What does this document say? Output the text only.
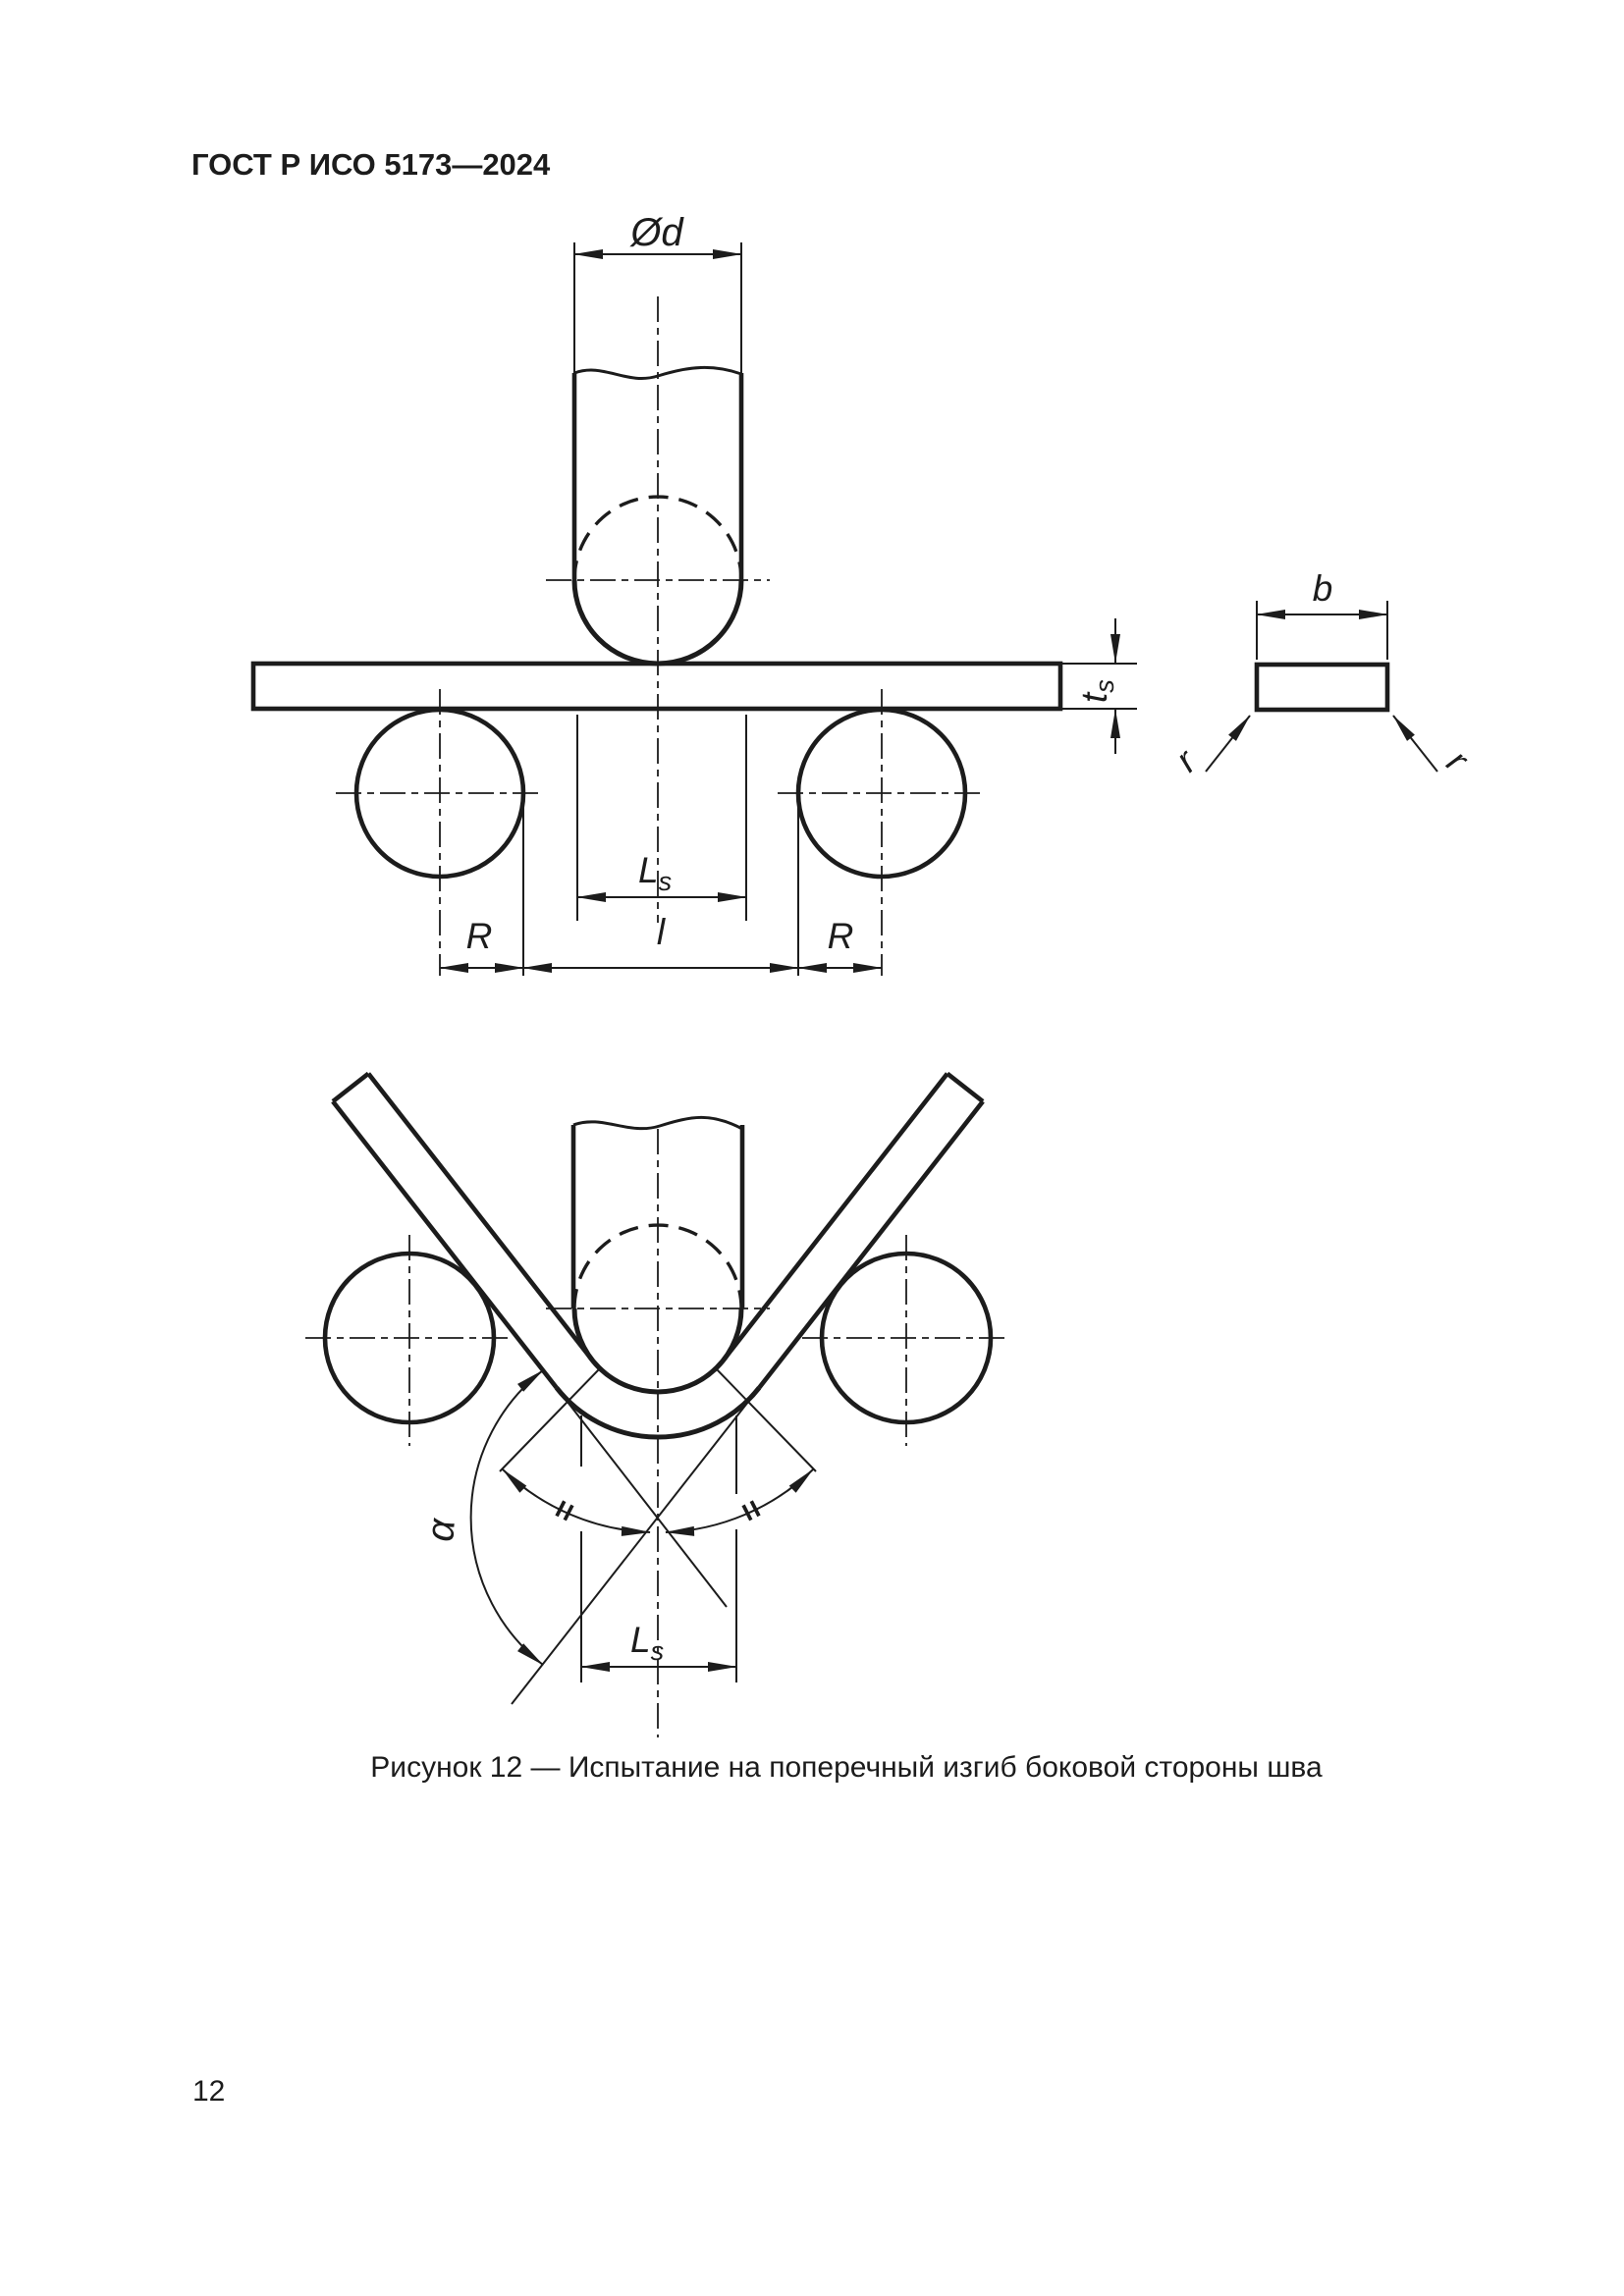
ГОСТ Р ИСО 5173—2024
Рисунок 12 — Испытание на поперечный изгиб боковой стороны шва
12
Ød
ts
Ls
R	l	R
b
r	r
α
=	=
Ls
